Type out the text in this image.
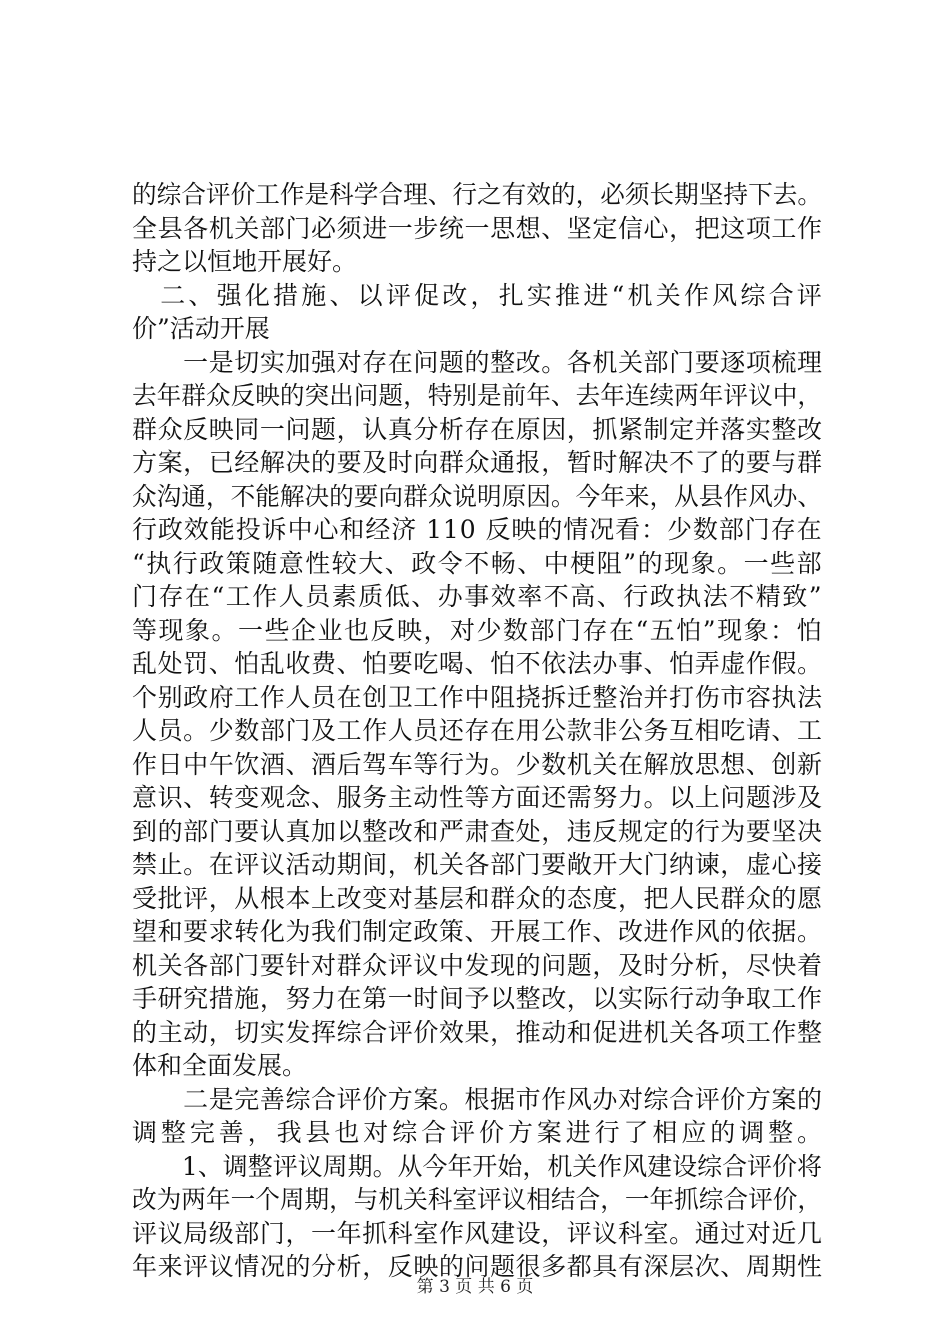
的综合评价工作是科学合理、行之有效的，必须长期坚持下去。
全县各机关部门必须进一步统一思想、坚定信心，把这项工作
持之以恒地开展好。
　二、强化措施、以评促改，扎实推进“机关作风综合评
价”活动开展
　　一是切实加强对存在问题的整改。各机关部门要逐项梳理
去年群众反映的突出问题，特别是前年、去年连续两年评议中，
群众反映同一问题，认真分析存在原因，抓紧制定并落实整改
方案，已经解决的要及时向群众通报，暂时解决不了的要与群
众沟通，不能解决的要向群众说明原因。今年来，从县作风办、
行政效能投诉中心和经济 110 反映的情况看：少数部门存在
“执行政策随意性较大、政令不畅、中梗阻”的现象。一些部
门存在“工作人员素质低、办事效率不高、行政执法不精致”
等现象。一些企业也反映，对少数部门存在“五怕”现象：怕
乱处罚、怕乱收费、怕要吃喝、怕不依法办事、怕弄虚作假。
个别政府工作人员在创卫工作中阻挠拆迁整治并打伤市容执法
人员。少数部门及工作人员还存在用公款非公务互相吃请、工
作日中午饮酒、酒后驾车等行为。少数机关在解放思想、创新
意识、转变观念、服务主动性等方面还需努力。以上问题涉及
到的部门要认真加以整改和严肃查处，违反规定的行为要坚决
禁止。在评议活动期间，机关各部门要敞开大门纳谏，虚心接
受批评，从根本上改变对基层和群众的态度，把人民群众的愿
望和要求转化为我们制定政策、开展工作、改进作风的依据。
机关各部门要针对群众评议中发现的问题，及时分析，尽快着
手研究措施，努力在第一时间予以整改，以实际行动争取工作
的主动，切实发挥综合评价效果，推动和促进机关各项工作整
体和全面发展。
　　二是完善综合评价方案。根据市作风办对综合评价方案的
调整完善，我县也对综合评价方案进行了相应的调整。
　　1、调整评议周期。从今年开始，机关作风建设综合评价将
改为两年一个周期，与机关科室评议相结合，一年抓综合评价，
评议局级部门，一年抓科室作风建设，评议科室。通过对近几
年来评议情况的分析，反映的问题很多都具有深层次、周期性
第 3 页 共 6 页
